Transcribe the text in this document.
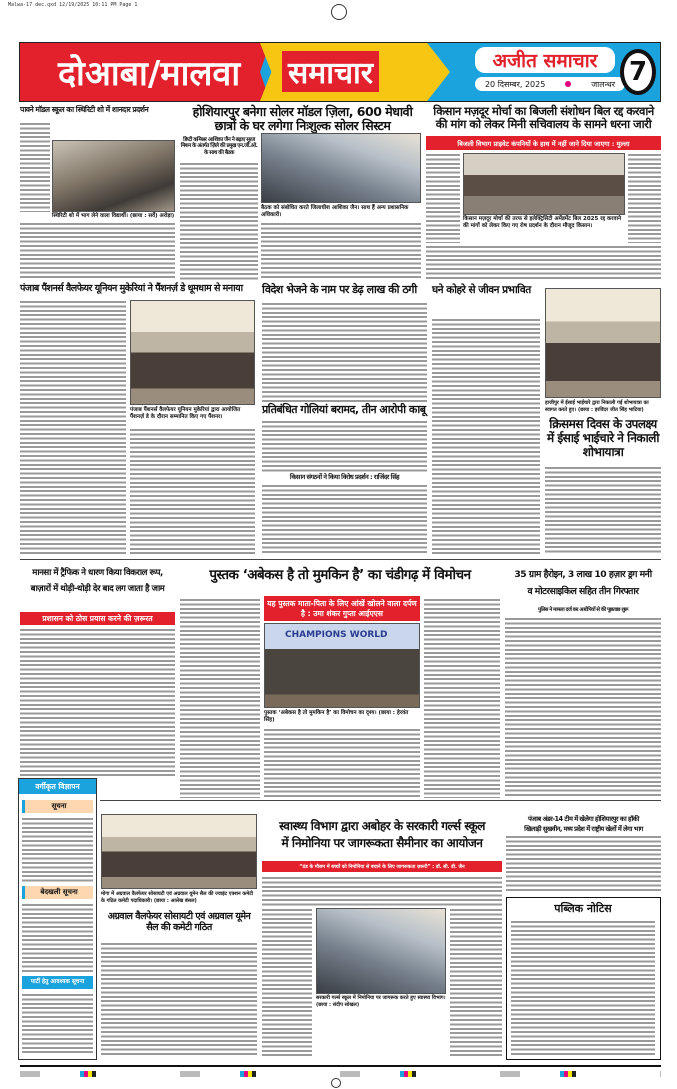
Malwa-17 dec.qxd 12/19/2025 10:11 PM Page 1
दोआबा/मालवा समाचार	अजीत समाचार
20 दिसम्बर, 2025	जालन्धर 7
पावने मॉडल स्कूल का स्थिरिटी शो में शानदार प्रदर्शन
स्थिरिटी शो में भाग लेने वाला विद्यार्थी। (छाया : सर्वे) अरोड़ा)
होशियारपुर बनेगा सोलर मॉडल ज़िला, 600 मेधावी
छात्रों के घर लगेगा निःशुल्क सोलर सिस्टम
डिप्टी कमिश्नर आशिका जैन ने बढ़ाए सूरज मिशन के अंतर्गत ज़िले की प्रमुख एन.जी.ओ. के साथ की बैठक
बैठक को संबोधित करते जिलाधीश आशिका जैन। साथ हैं अन्य प्रशासनिक अधिकारी।
किसान मज़दूर मोर्चा का बिजली संशोधन बिल रद्द करवाने
की मांग को लेकर मिनी सचिवालय के सामने धरना जारी
बिजली विभाग प्राइवेट कंपनियों के हाथ में नहीं जाने दिया जाएगा : मुल्ला
किसान मज़दूर मोर्चा की तरफ से इलेक्ट्रिसिटी अमेंडमेंट बिल 2025 रद्द करवाने की मांगों को लेकर किए गए रोष प्रदर्शन के दौरान मौजूद किसान।
पंजाब पैंशनर्स वैलफेयर यूनियन मुकेरियां ने पैंशनर्ज़ डे धूमधाम से मनाया
पंजाब पैंशनर्स वैलफेयर यूनियन मुकेरियां द्वारा आयोजित पैंशनर्ज़ डे के दौरान सम्मानित किए गए पैंशनर।
विदेश भेजने के नाम पर डेढ़ लाख की ठगी
प्रतिबंधित गोलियां बरामद, तीन आरोपी काबू
किसान संगठनों ने किया विरोध प्रदर्शन : राजिंदर सिंह
घने कोहरे से जीवन प्रभावित
हाजीपुर में ईसाई भाईचारे द्वारा निकाली गई शोभायात्रा का स्वागत करते हुए। (छाया : हरविंदर जीत सिंह भाटिया)
क्रिसमस दिवस के उपलक्ष्य में ईसाई भाईचारे ने निकाली शोभायात्रा
मानसा में ट्रैफिक ने धारण किया विकराल रूप,
बाज़ारों में थोड़ी-थोड़ी देर बाद लग जाता है जाम
प्रशासन को ठोस प्रयास करने की ज़रूरत
पुस्तक ‘अबेकस है तो मुमकिन है’ का चंडीगढ़ में विमोचन
यह पुस्तक माता-पिता के लिए आंखें खोलने वाला दर्पण है : उमा शंकर गुप्ता आईएएस
CHAMPIONS WORLD
पुस्तक ‘अबेकस है तो मुमकिन है’ का विमोचन का दृश्य। (छाया : हेरवंत सिंह)
35 ग्राम हैरोइन, 3 लाख 10 हज़ार ड्रग मनी
व मोटरसाइकिल सहित तीन गिरफ्तार
पुलिस ने मामला दर्ज कर आरोपियों से की पूछताछ शुरू
वर्गीकृत विज्ञापन
सूचना
बेदखली सूचना
पार्टी हेतु आवश्यक सूचना
मोगा में अग्रवाल वैलफेयर सोसायटी एवं अग्रवाल यूमेन सैल की ज्वाइंट एक्शन कमेटी के गठित कमेटी पदाधिकारी। (छाया : आलेख बंसल)
अग्रवाल वैलफेयर सोसायटी एवं अग्रवाल यूमेन सैल की कमेटी गठित
स्वास्थ्य विभाग द्वारा अबोहर के सरकारी गर्ल्स स्कूल
में निमोनिया पर जागरूकता सैमीनार का आयोजन
“ठंड के मौसम में बच्चों को निमोनिया से बचाने के लिए जागरूकता ज़रूरी” : डॉ. सी. डी. जैन
सरकारी गर्ल्स स्कूल में निमोनिया पर जागरूक करते हुए स्वास्थ्य विभाग। (छाया : संदीप सोखल)
पंजाब अंडर-14 टीम में खेलेगा होशियारपुर का हॉकी
खिलाड़ी सुखवीन, मध्य प्रदेश में राष्ट्रीय खेलों में लेगा भाग
पब्लिक नोटिस
